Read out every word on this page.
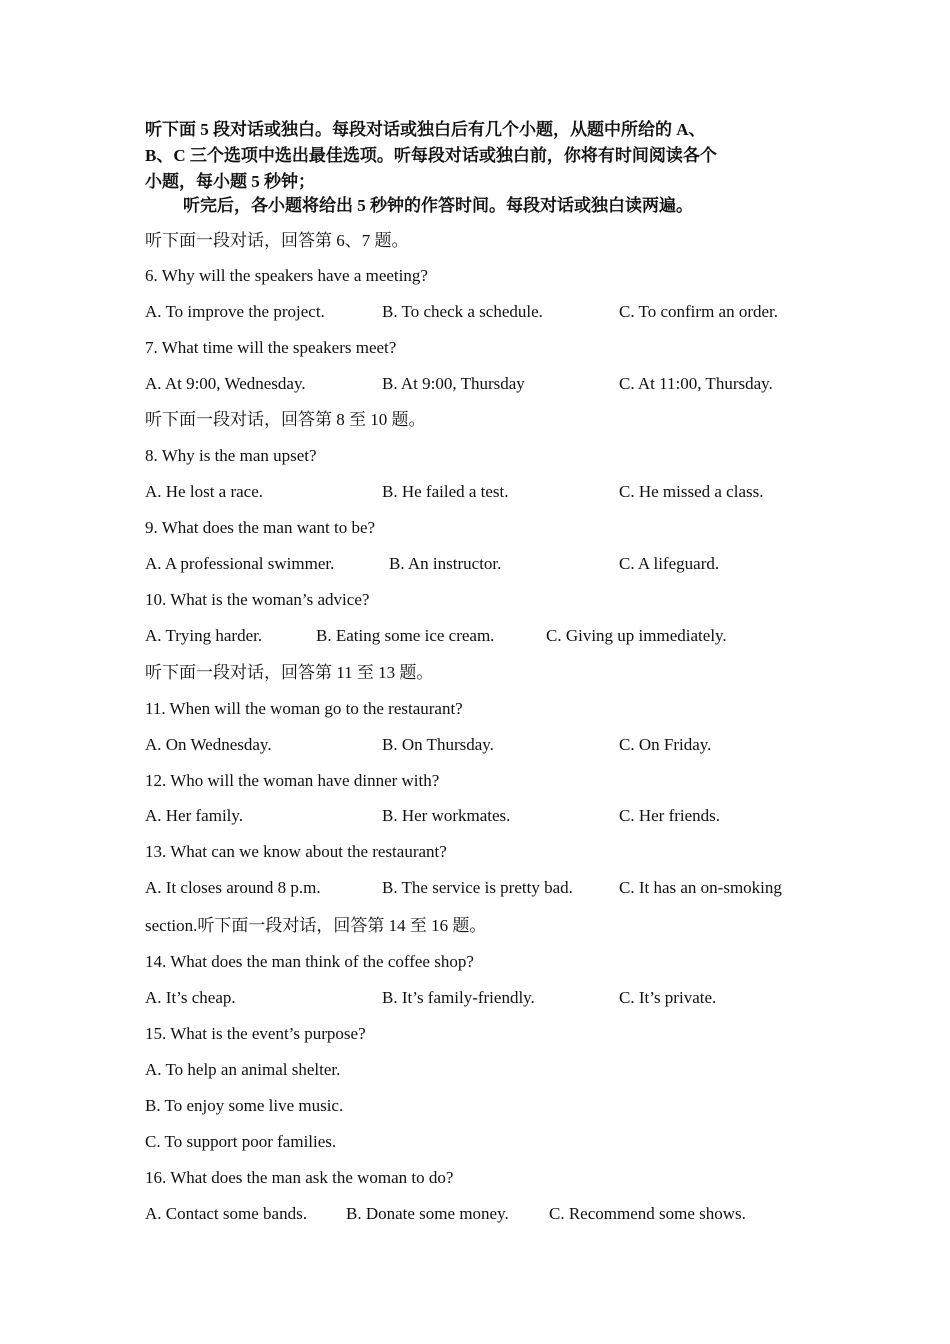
听下面 5 段对话或独白。每段对话或独白后有几个小题，从题中所给的 A、
B、C 三个选项中选出最佳选项。听每段对话或独白前，你将有时间阅读各个
小题，每小题 5 秒钟；
听完后，各小题将给出 5 秒钟的作答时间。每段对话或独白读两遍。
听下面一段对话，回答第 6、7 题。
6. Why will the speakers have a meeting?
A. To improve the project.	B. To check a schedule.	C. To confirm an order.
7. What time will the speakers meet?
A. At 9:00, Wednesday.	B. At 9:00, Thursday	C. At 11:00, Thursday.
听下面一段对话，回答第 8 至 10 题。
8. Why is the man upset?
A. He lost a race.	B. He failed a test.	C. He missed a class.
9. What does the man want to be?
A. A professional swimmer.	B. An instructor.	C. A lifeguard.
10. What is the woman’s advice?
A. Trying harder.	B. Eating some ice cream.	C. Giving up immediately.
听下面一段对话，回答第 11 至 13 题。
11. When will the woman go to the restaurant?
A. On Wednesday.	B. On Thursday.	C. On Friday.
12. Who will the woman have dinner with?
A. Her family.	B. Her workmates.	C. Her friends.
13. What can we know about the restaurant?
A. It closes around 8 p.m.	B. The service is pretty bad.	C. It has an on-smoking
section.听下面一段对话，回答第 14 至 16 题。
14. What does the man think of the coffee shop?
A. It’s cheap.	B. It’s family-friendly.	C. It’s private.
15. What is the event’s purpose?
A. To help an animal shelter.
B. To enjoy some live music.
C. To support poor families.
16. What does the man ask the woman to do?
A. Contact some bands. B. Donate some money. C. Recommend some shows.
